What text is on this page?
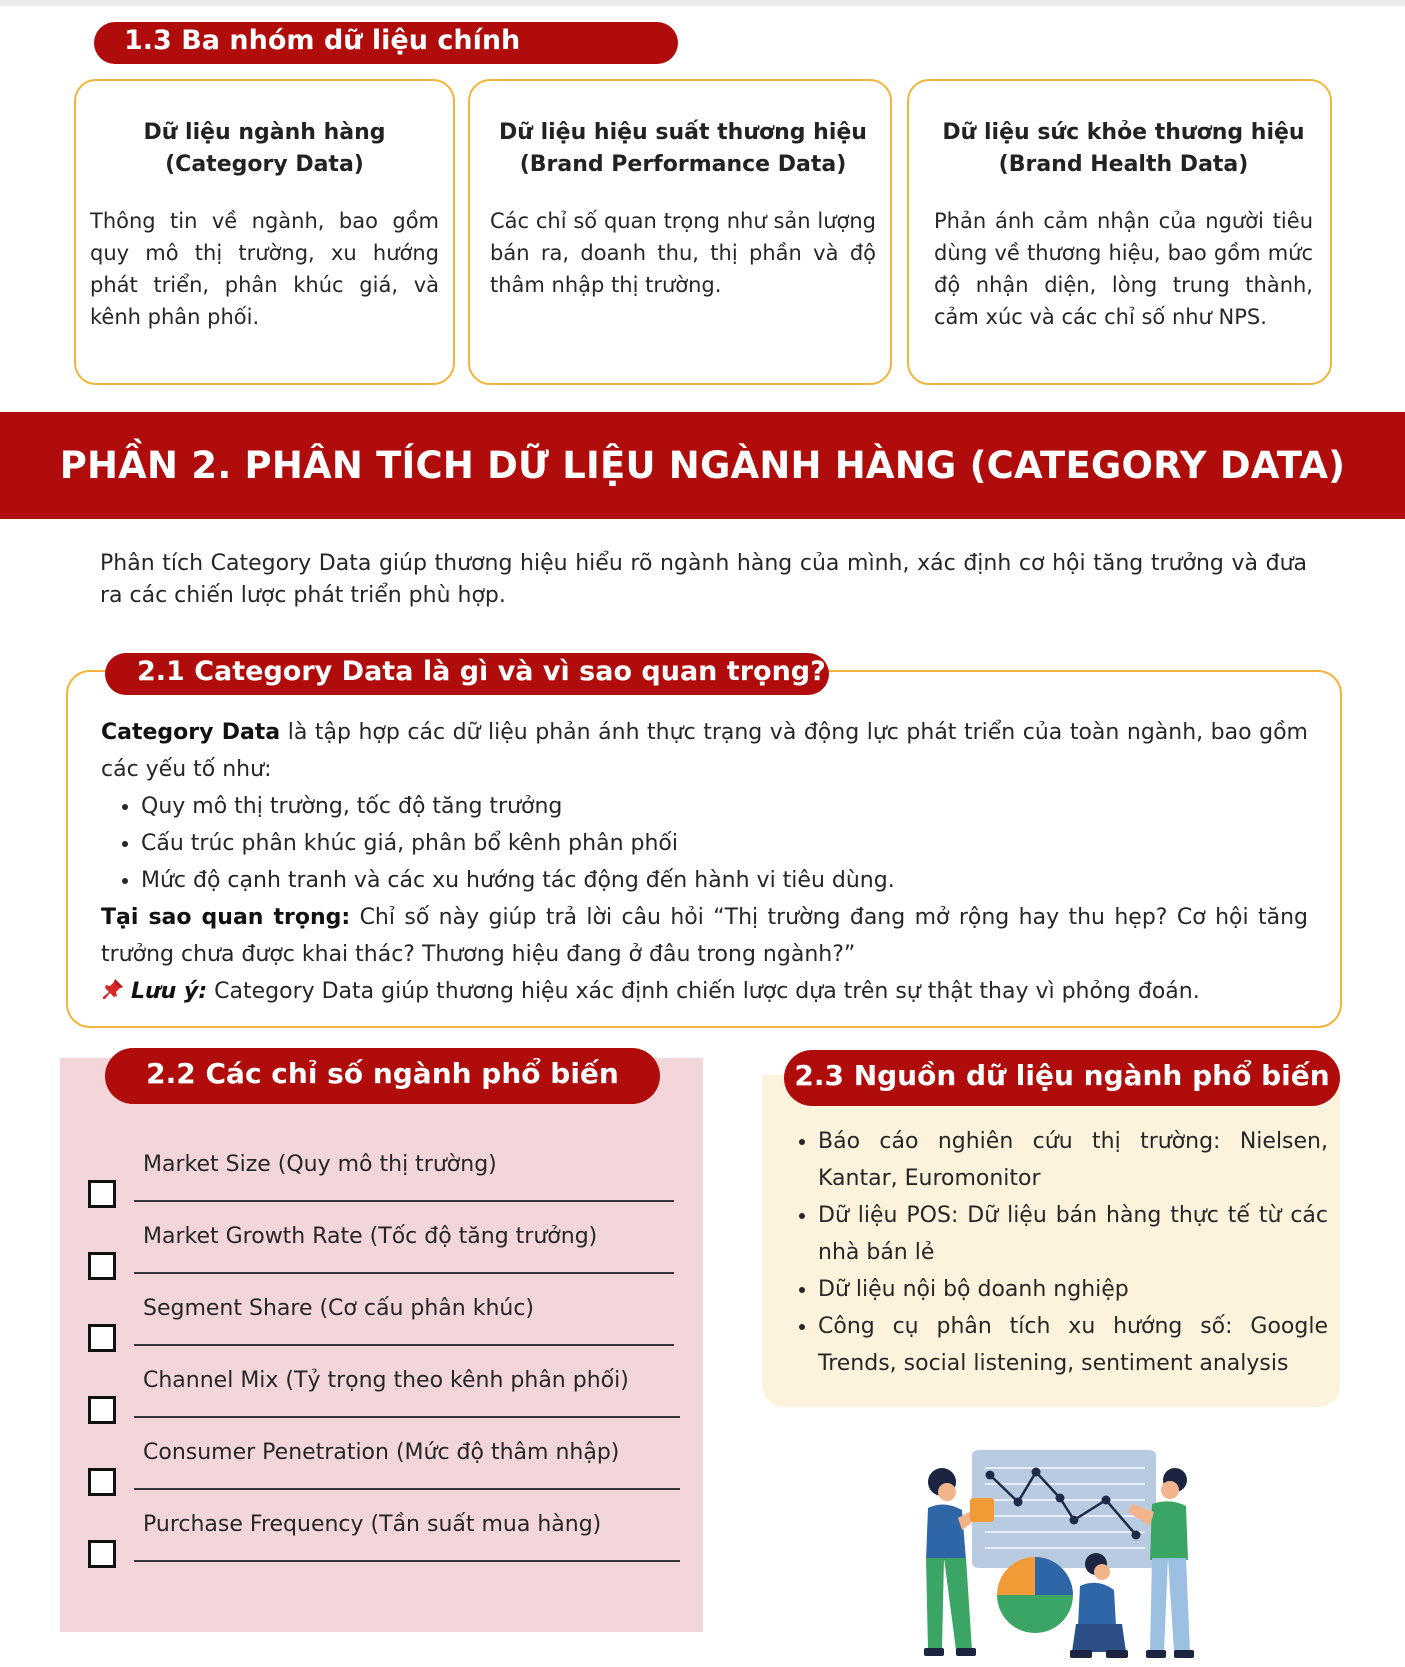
1.3 Ba nhóm dữ liệu chính
Dữ liệu ngành hàng
(Category Data)
Thông tin về ngành, bao gồm quy mô thị trường, xu hướng phát triển, phân khúc giá, và kênh phân phối.
Dữ liệu hiệu suất thương hiệu
(Brand Performance Data)
Các chỉ số quan trọng như sản lượng bán ra, doanh thu, thị phần và độ thâm nhập thị trường.
Dữ liệu sức khỏe thương hiệu
(Brand Health Data)
Phản ánh cảm nhận của người tiêu dùng về thương hiệu, bao gồm mức độ nhận diện, lòng trung thành, cảm xúc và các chỉ số như NPS.
PHẦN 2. PHÂN TÍCH DỮ LIỆU NGÀNH HÀNG (CATEGORY DATA)
Phân tích Category Data giúp thương hiệu hiểu rõ ngành hàng của mình, xác định cơ hội tăng trưởng và đưa ra các chiến lược phát triển phù hợp.

Category Data là tập hợp các dữ liệu phản ánh thực trạng và động lực phát triển của toàn ngành, bao gồm các yếu tố như:

• Quy mô thị trường, tốc độ tăng trưởng
• Cấu trúc phân khúc giá, phân bổ kênh phân phối
• Mức độ cạnh tranh và các xu hướng tác động đến hành vi tiêu dùng.

Tại sao quan trọng: Chỉ số này giúp trả lời câu hỏi “Thị trường đang mở rộng hay thu hẹp? Cơ hội tăng trưởng chưa được khai thác? Thương hiệu đang ở đâu trong ngành?”

Lưu ý: Category Data giúp thương hiệu xác định chiến lược dựa trên sự thật thay vì phỏng đoán.

2.1 Category Data là gì và vì sao quan trọng?
2.2 Các chỉ số ngành phổ biến
Market Size (Quy mô thị trường)
Market Growth Rate (Tốc độ tăng trưởng)
Segment Share (Cơ cấu phân khúc)
Channel Mix (Tỷ trọng theo kênh phân phối)
Consumer Penetration (Mức độ thâm nhập)
Purchase Frequency (Tần suất mua hàng)
2.3 Nguồn dữ liệu ngành phổ biến
• Báo cáo nghiên cứu thị trường: Nielsen, Kantar, Euromonitor
• Dữ liệu POS: Dữ liệu bán hàng thực tế từ các nhà bán lẻ
• Dữ liệu nội bộ doanh nghiệp
• Công cụ phân tích xu hướng số: Google Trends, social listening, sentiment analysis
